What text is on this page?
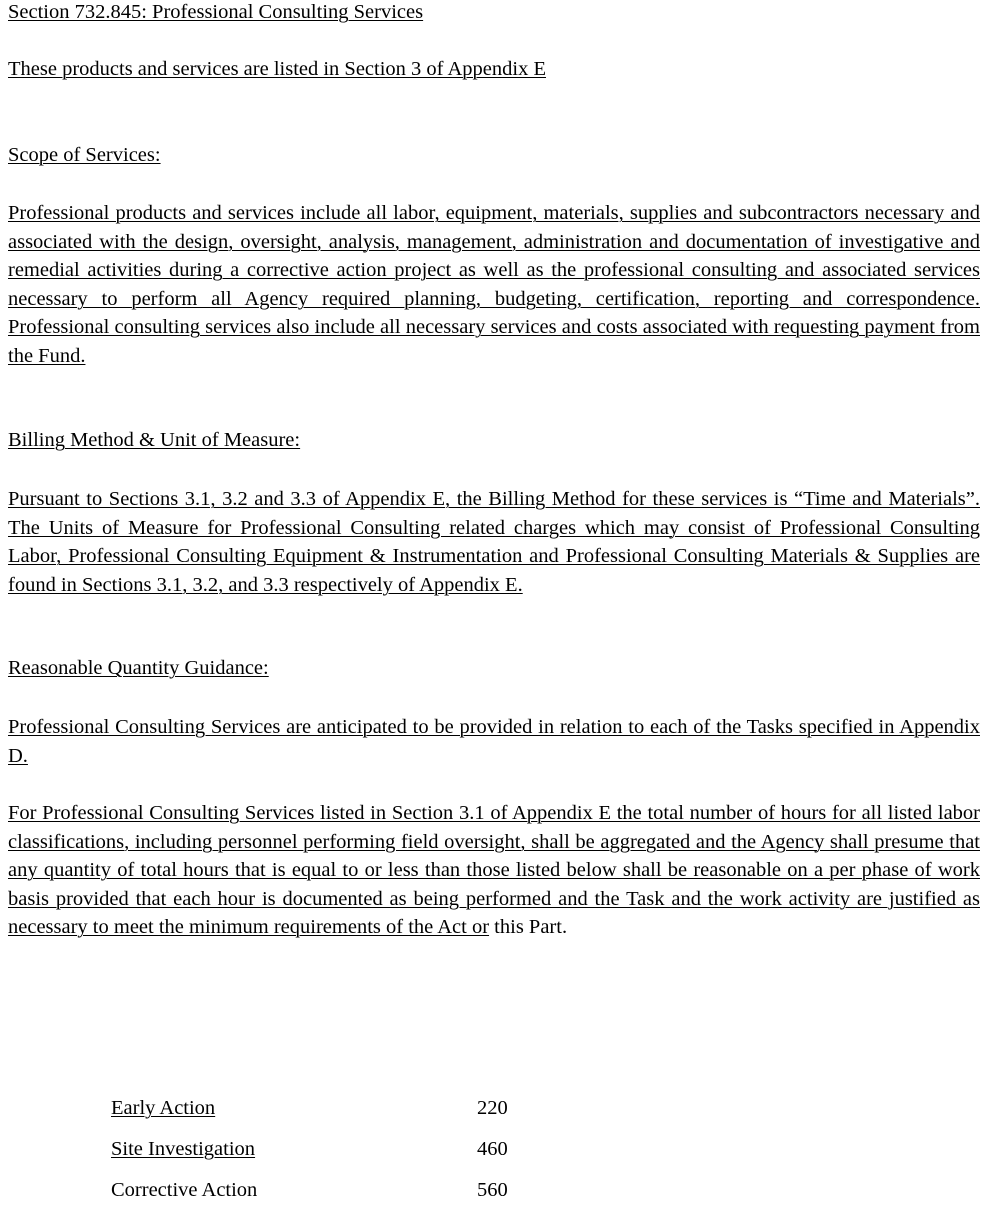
Section 732.845: Professional Consulting Services
These products and services are listed in Section 3 of Appendix E
Scope of Services:
Professional products and services include all labor, equipment, materials, supplies and subcontractors necessary and associated with the design, oversight, analysis, management, administration and documentation of investigative and remedial activities during a corrective action project as well as the professional consulting and associated services necessary to perform all Agency required planning, budgeting, certification, reporting and correspondence. Professional consulting services also include all necessary services and costs associated with requesting payment from the Fund.
Billing Method & Unit of Measure:
Pursuant to Sections 3.1, 3.2 and 3.3 of Appendix E, the Billing Method for these services is “Time and Materials”. The Units of Measure for Professional Consulting related charges which may consist of Professional Consulting Labor, Professional Consulting Equipment & Instrumentation and Professional Consulting Materials & Supplies are found in Sections 3.1, 3.2, and 3.3 respectively of Appendix E.
Reasonable Quantity Guidance:
Professional Consulting Services are anticipated to be provided in relation to each of the Tasks specified in Appendix D.
For Professional Consulting Services listed in Section 3.1 of Appendix E the total number of hours for all listed labor classifications, including personnel performing field oversight, shall be aggregated and the Agency shall presume that any quantity of total hours that is equal to or less than those listed below shall be reasonable on a per phase of work basis provided that each hour is documented as being performed and the Task and the work activity are justified as necessary to meet the minimum requirements of the Act or this Part.
Early Action	220
Site Investigation	460
Corrective Action	560
